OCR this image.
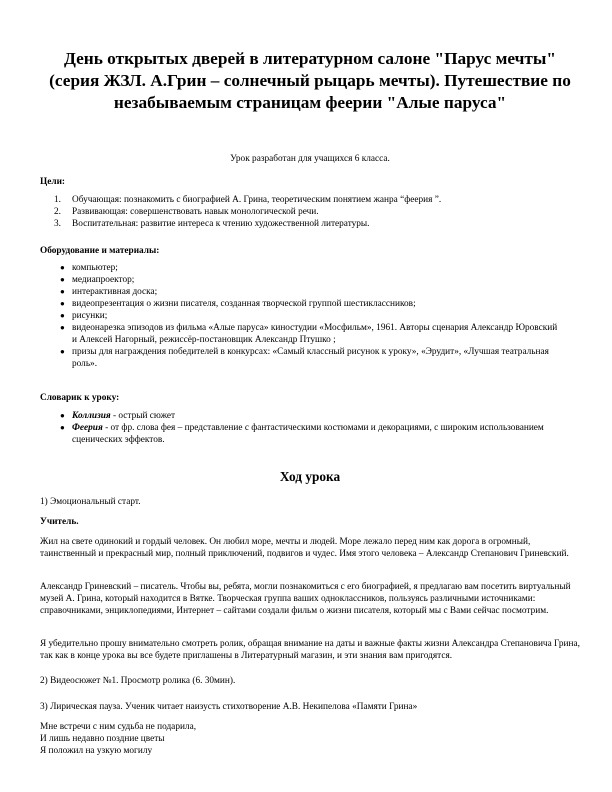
День открытых дверей в литературном салоне "Парус мечты" (серия ЖЗЛ. А.Грин – солнечный рыцарь мечты). Путешествие по незабываемым страницам феерии "Алые паруса"

Урок разработан для учащихся 6 класса.

Цели:

1. Обучающая: познакомить с биографией А. Грина, теоретическим понятием жанра “феерия ”.
2. Развивающая: совершенствовать навык монологической речи.
3. Воспитательная: развитие интереса к чтению художественной литературы.

Оборудование и материалы:

● компьютер;
● медиапроектор;
● интерактивная доска;
● видеопрезентация о жизни писателя, созданная творческой группой шестиклассников;
● рисунки;
● видеонарезка эпизодов из фильма «Алые паруса» киностудии «Мосфильм», 1961. Авторы сценария Александр Юровский и Алексей Нагорный, режиссёр-постановщик Александр Птушко ;
● призы для награждения победителей в конкурсах: «Самый классный рисунок к уроку», «Эрудит», «Лучшая театральная роль».

Словарик к уроку:

● Коллизия - острый сюжет
● Феерия - от фр. слова фея – представление с фантастическими костюмами и декорациями, с широким использованием сценических эффектов.
Ход урока

1) Эмоциональный старт.

Учитель.

Жил на свете одинокий и гордый человек. Он любил море, мечты и людей. Море лежало перед ним как дорога в огромный, таинственный и прекрасный мир, полный приключений, подвигов и чудес. Имя этого человека – Александр Степанович Гриневский.

Александр Гриневский – писатель. Чтобы вы, ребята, могли познакомиться с его биографией, я предлагаю вам посетить виртуальный музей А. Грина, который находится в Вятке. Творческая группа ваших одноклассников, пользуясь различными источниками: справочниками, энциклопедиями, Интернет – сайтами создали фильм о жизни писателя, который мы с Вами сейчас посмотрим.

Я убедительно прошу внимательно смотреть ролик, обращая внимание на даты и важные факты жизни Александра Степановича Грина, так как в конце урока вы все будете приглашены в Литературный магазин, и эти знания вам пригодятся.

2) Видеосюжет №1. Просмотр ролика (6. 30мин).

3) Лирическая пауза. Ученик читает наизусть стихотворение А.В. Некипелова «Памяти Грина»

Мне встречи с ним судьба не подарила,

И лишь недавно поздние цветы

Я положил на узкую могилу
